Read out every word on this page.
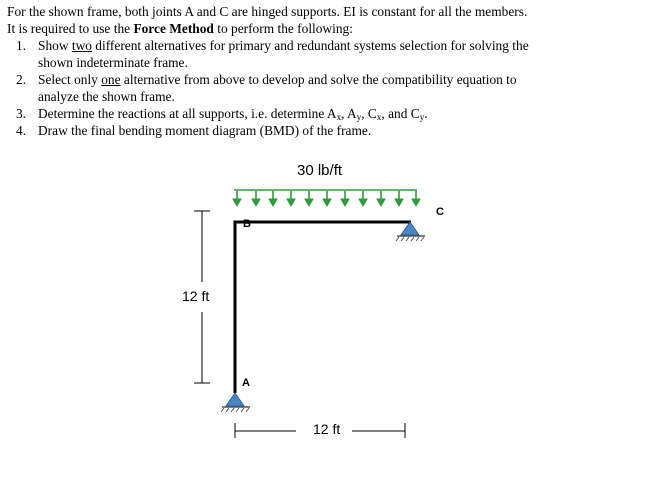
For the shown frame, both joints A and C are hinged supports. EI is constant for all the members.
It is required to use the Force Method to perform the following:
1. Show two different alternatives for primary and redundant systems selection for solving the
shown indeterminate frame.
2. Select only one alternative from above to develop and solve the compatibility equation to
analyze the shown frame.
3. Determine the reactions at all supports, i.e. determine $A_x$, $A_y$, $C_x$, and $C_y$.
4. Draw the final bending moment diagram (BMD) of the frame.
30 lb/ft
12 ft
12 ft
B
C
A
